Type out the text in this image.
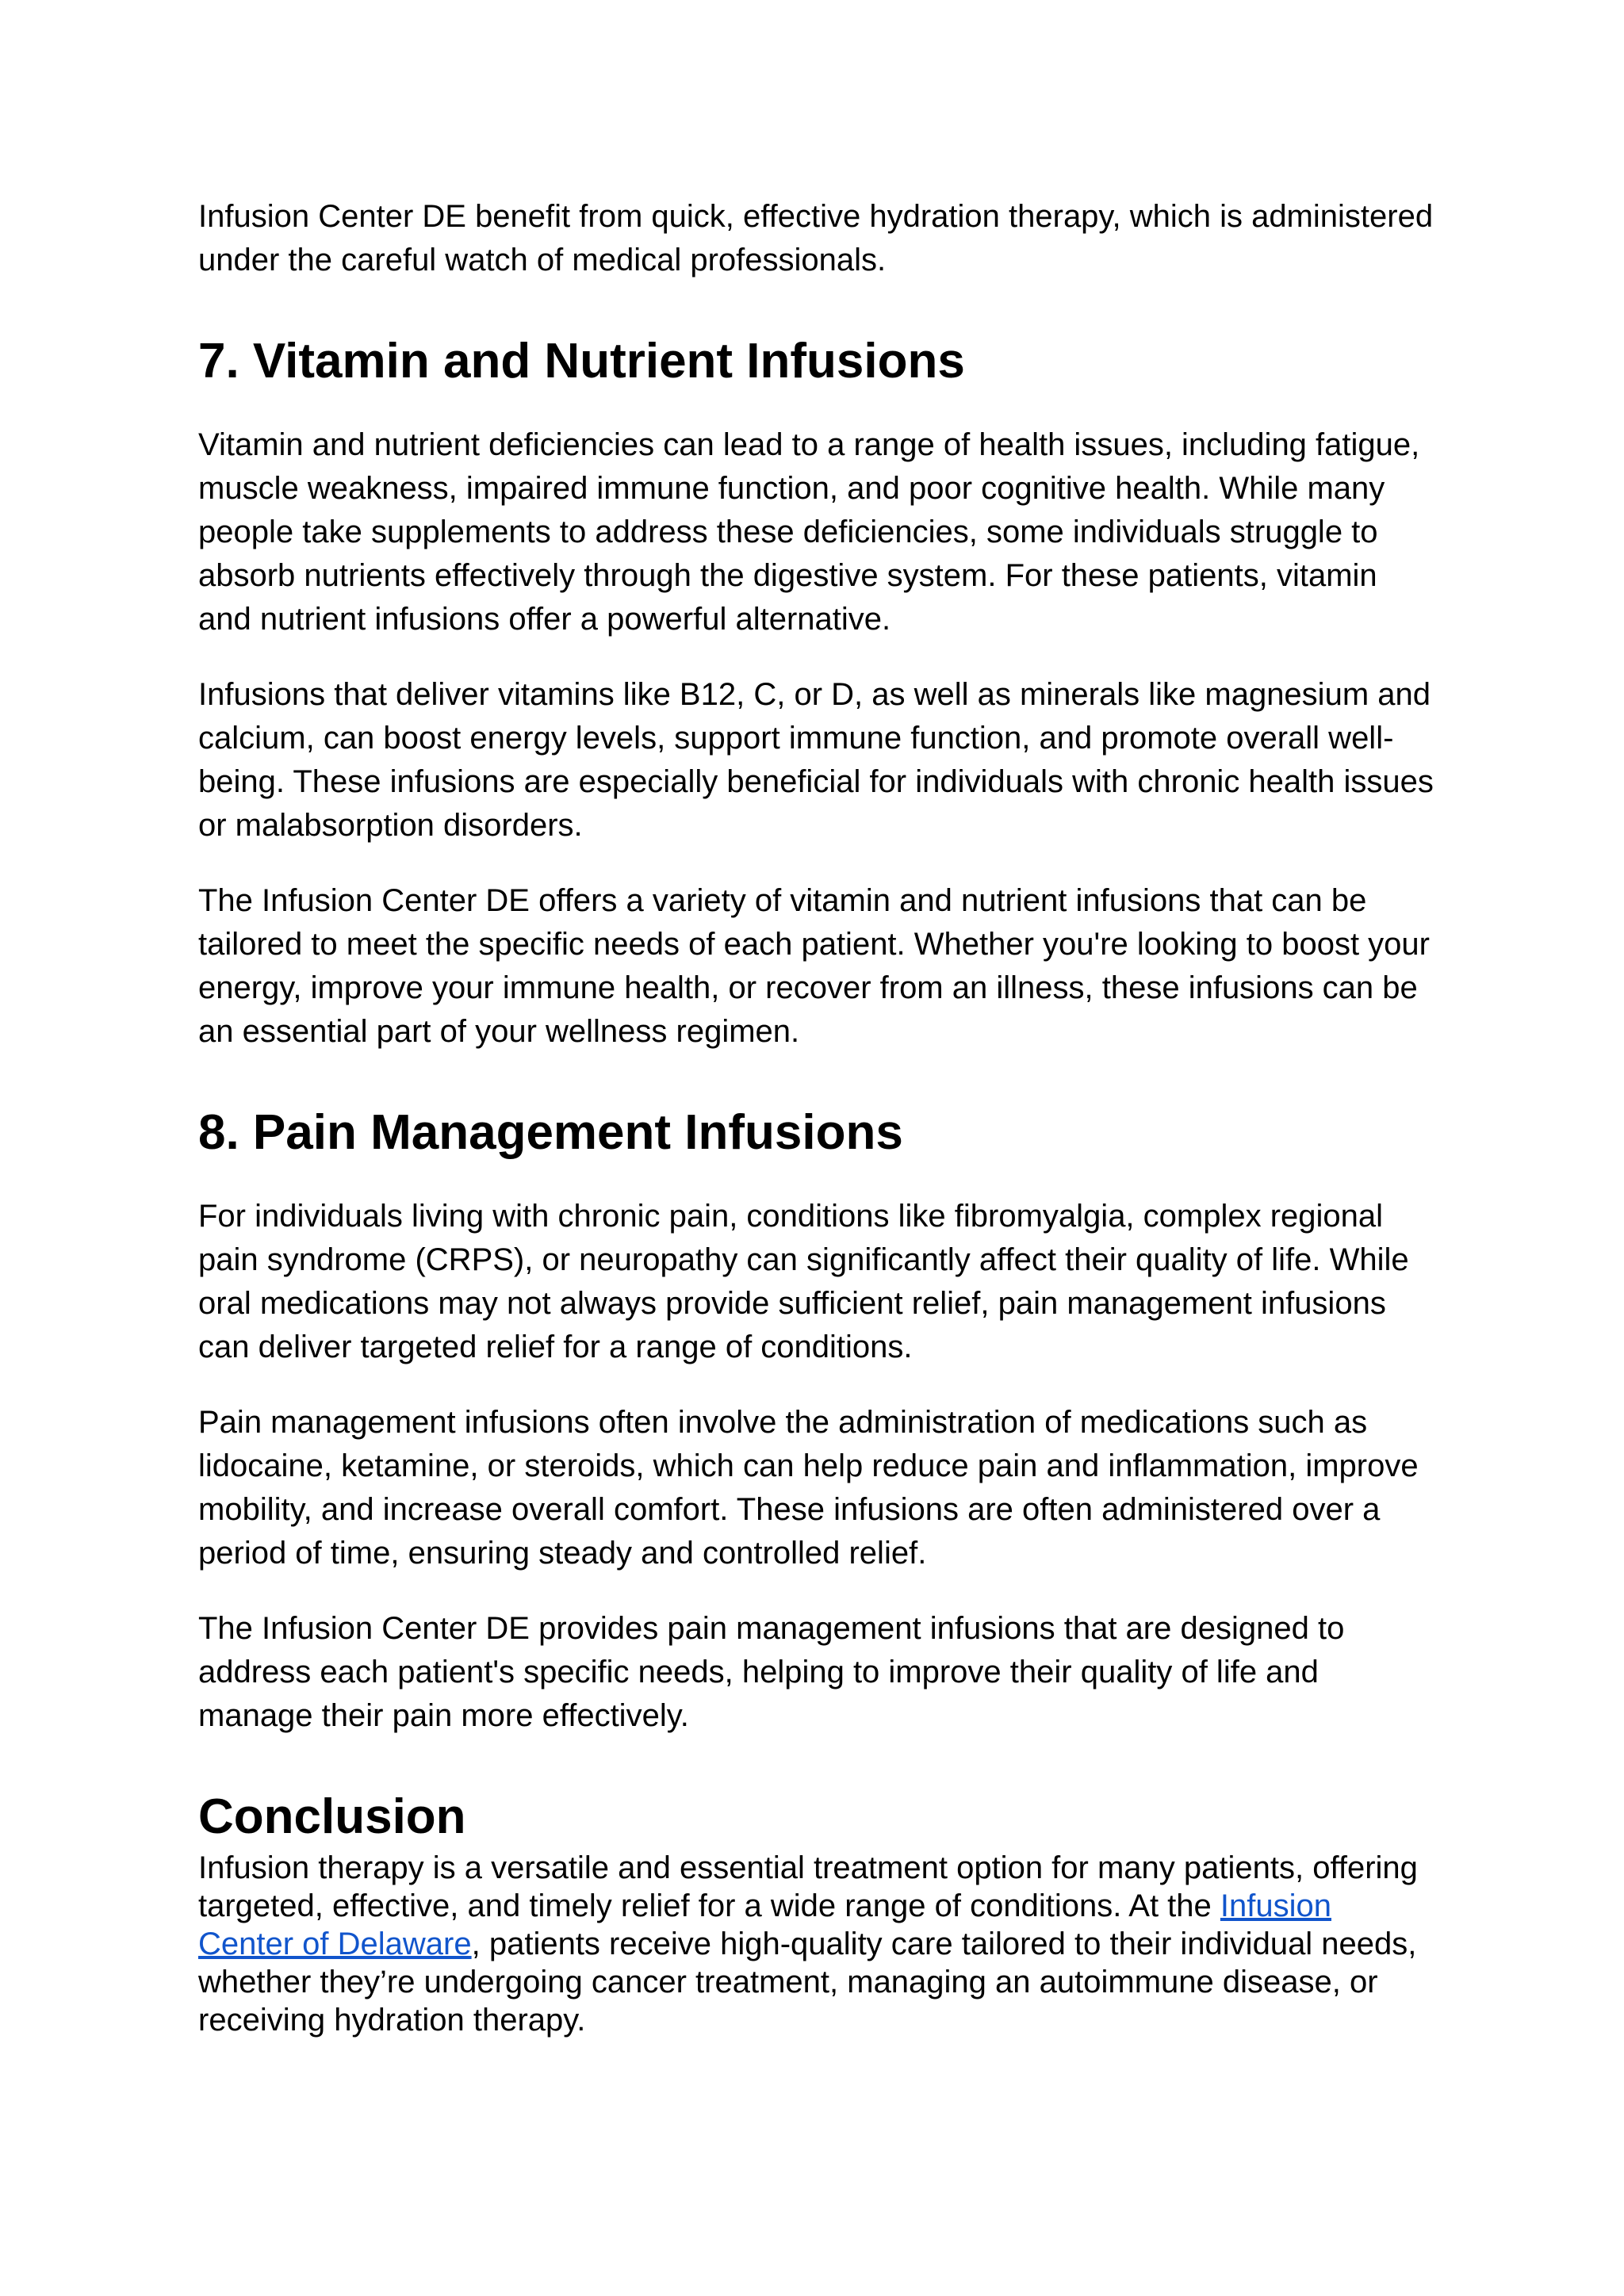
Infusion Center DE benefit from quick, effective hydration therapy, which is administered under the careful watch of medical professionals.

7. Vitamin and Nutrient Infusions

Vitamin and nutrient deficiencies can lead to a range of health issues, including fatigue, muscle weakness, impaired immune function, and poor cognitive health. While many people take supplements to address these deficiencies, some individuals struggle to absorb nutrients effectively through the digestive system. For these patients, vitamin and nutrient infusions offer a powerful alternative.

Infusions that deliver vitamins like B12, C, or D, as well as minerals like magnesium and calcium, can boost energy levels, support immune function, and promote overall well-being. These infusions are especially beneficial for individuals with chronic health issues or malabsorption disorders.

The Infusion Center DE offers a variety of vitamin and nutrient infusions that can be tailored to meet the specific needs of each patient. Whether you're looking to boost your energy, improve your immune health, or recover from an illness, these infusions can be an essential part of your wellness regimen.

8. Pain Management Infusions

For individuals living with chronic pain, conditions like fibromyalgia, complex regional pain syndrome (CRPS), or neuropathy can significantly affect their quality of life. While oral medications may not always provide sufficient relief, pain management infusions can deliver targeted relief for a range of conditions.

Pain management infusions often involve the administration of medications such as lidocaine, ketamine, or steroids, which can help reduce pain and inflammation, improve mobility, and increase overall comfort. These infusions are often administered over a period of time, ensuring steady and controlled relief.

The Infusion Center DE provides pain management infusions that are designed to address each patient's specific needs, helping to improve their quality of life and manage their pain more effectively.

Conclusion

Infusion therapy is a versatile and essential treatment option for many patients, offering targeted, effective, and timely relief for a wide range of conditions. At the Infusion Center of Delaware, patients receive high-quality care tailored to their individual needs, whether they’re undergoing cancer treatment, managing an autoimmune disease, or receiving hydration therapy.
